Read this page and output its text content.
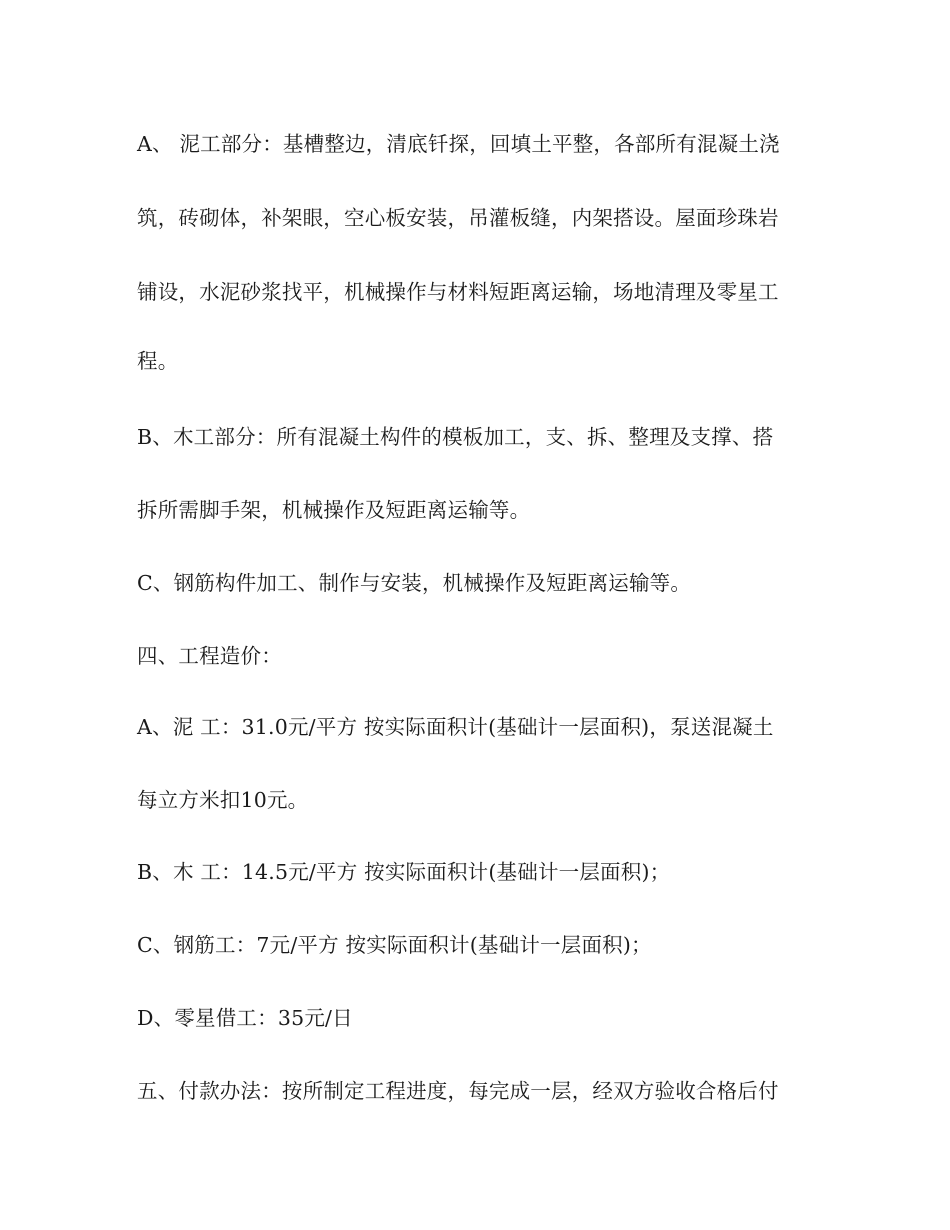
A、 泥工部分：基槽整边，清底钎探，回填土平整，各部所有混凝土浇
筑，砖砌体，补架眼，空心板安装，吊灌板缝，内架搭设。屋面珍珠岩
铺设，水泥砂浆找平，机械操作与材料短距离运输，场地清理及零星工
程。
B、木工部分：所有混凝土构件的模板加工，支、拆、整理及支撑、搭
拆所需脚手架，机械操作及短距离运输等。
C、钢筋构件加工、制作与安装，机械操作及短距离运输等。
四、工程造价：
A、泥 工：31.0元/平方 按实际面积计(基础计一层面积)，泵送混凝土
每立方米扣10元。
B、木 工：14.5元/平方 按实际面积计(基础计一层面积)；
C、钢筋工：7元/平方 按实际面积计(基础计一层面积)；
D、零星借工：35元/日
五、付款办法：按所制定工程进度，每完成一层，经双方验收合格后付
